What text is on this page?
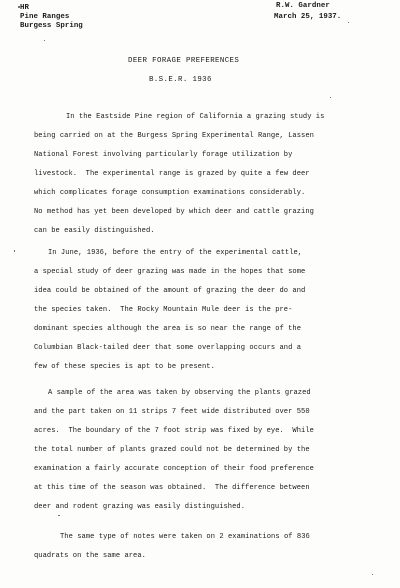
HR
Pine Ranges
Burgess Spring
R.W. Gardner
March 25, 1937.
DEER FORAGE PREFERENCES
B.S.E.R. 1936
In the Eastside Pine region of California a grazing study is
being carried on at the Burgess Spring Experimental Range, Lassen
National Forest involving particularly forage utilization by
livestock.  The experimental range is grazed by quite a few deer
which complicates forage consumption examinations considerably.
No method has yet been developed by which deer and cattle grazing
can be easily distinguished.
In June, 1936, before the entry of the experimental cattle,
a special study of deer grazing was made in the hopes that some
idea could be obtained of the amount of grazing the deer do and
the species taken.  The Rocky Mountain Mule deer is the pre-
dominant species although the area is so near the range of the
Columbian Black-tailed deer that some overlapping occurs and a
few of these species is apt to be present.
A sample of the area was taken by observing the plants grazed
and the part taken on 11 strips 7 feet wide distributed over 550
acres.  The boundary of the 7 foot strip was fixed by eye.  While
the total number of plants grazed could not be determined by the
examination a fairly accurate conception of their food preference
at this time of the season was obtained.  The difference between
deer and rodent grazing was easily distinguished.
The same type of notes were taken on 2 examinations of 836
quadrats on the same area.
